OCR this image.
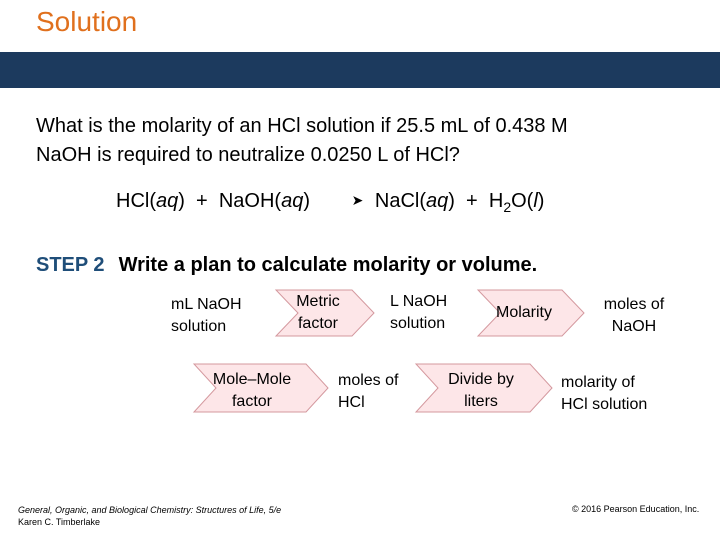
Solution
What is the molarity of an HCl solution if 25.5 mL of 0.438 M
NaOH is required to neutralize 0.0250 L of HCl?
HCl(aq) + NaOH(aq)	➤ NaCl(aq) + $H_2O(l)$
STEP 2 Write a plan to calculate molarity or volume.
mL NaOH
solution
Metric
factor
L NaOH
solution
Molarity	moles of
NaOH
Mole–Mole
factor
moles of
HCl
Divide by
liters
molarity of
HCl solution
General, Organic, and Biological Chemistry: Structures of Life, 5/e
Karen C. Timberlake
© 2016 Pearson Education, Inc.
